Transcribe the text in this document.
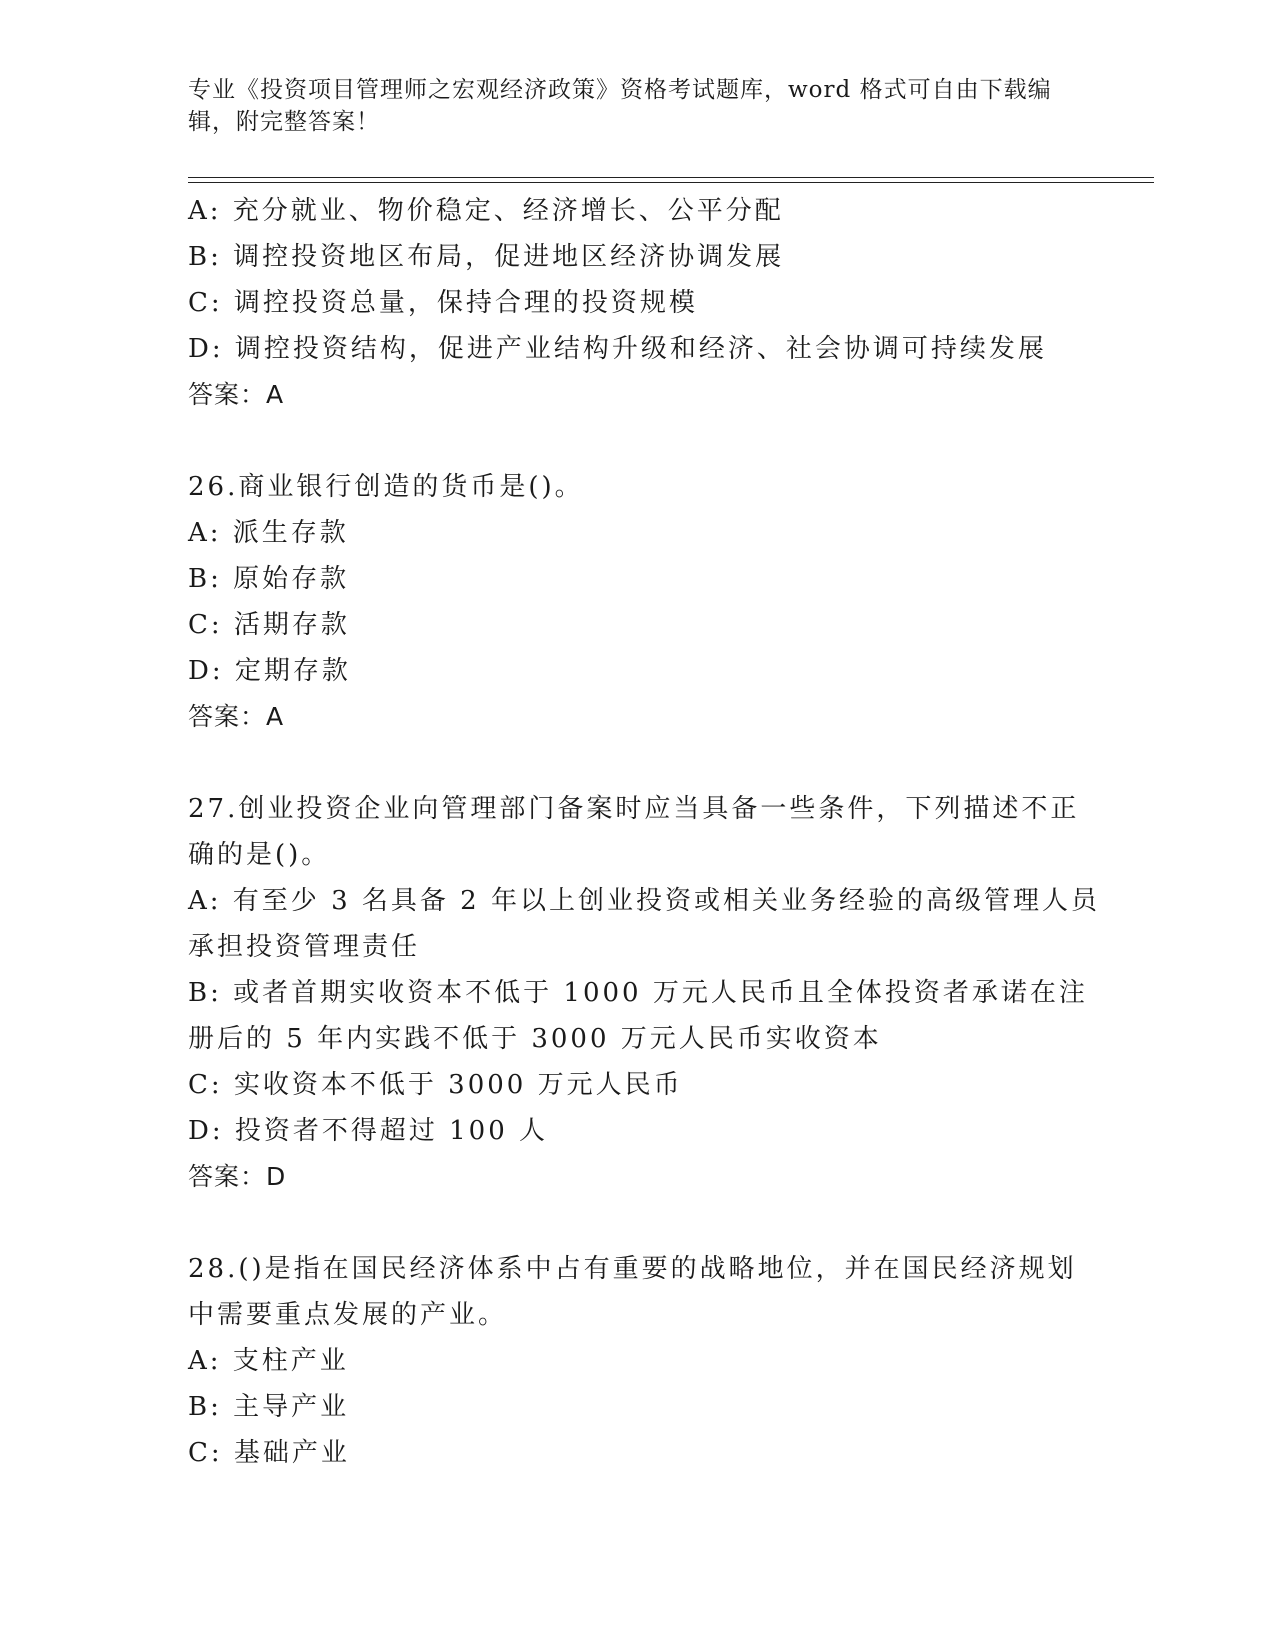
专业《投资项目管理师之宏观经济政策》资格考试题库，word 格式可自由下载编
辑，附完整答案！
A: 充分就业、物价稳定、经济增长、公平分配
B: 调控投资地区布局，促进地区经济协调发展
C: 调控投资总量，保持合理的投资规模
D: 调控投资结构，促进产业结构升级和经济、社会协调可持续发展
答案：A
26.商业银行创造的货币是()。
A: 派生存款
B: 原始存款
C: 活期存款
D: 定期存款
答案：A
27.创业投资企业向管理部门备案时应当具备一些条件，下列描述不正
确的是()。
A: 有至少 3 名具备 2 年以上创业投资或相关业务经验的高级管理人员
承担投资管理责任
B: 或者首期实收资本不低于 1000 万元人民币且全体投资者承诺在注
册后的 5 年内实践不低于 3000 万元人民币实收资本
C: 实收资本不低于 3000 万元人民币
D: 投资者不得超过 100 人
答案：D
28.()是指在国民经济体系中占有重要的战略地位，并在国民经济规划
中需要重点发展的产业。
A: 支柱产业
B: 主导产业
C: 基础产业
